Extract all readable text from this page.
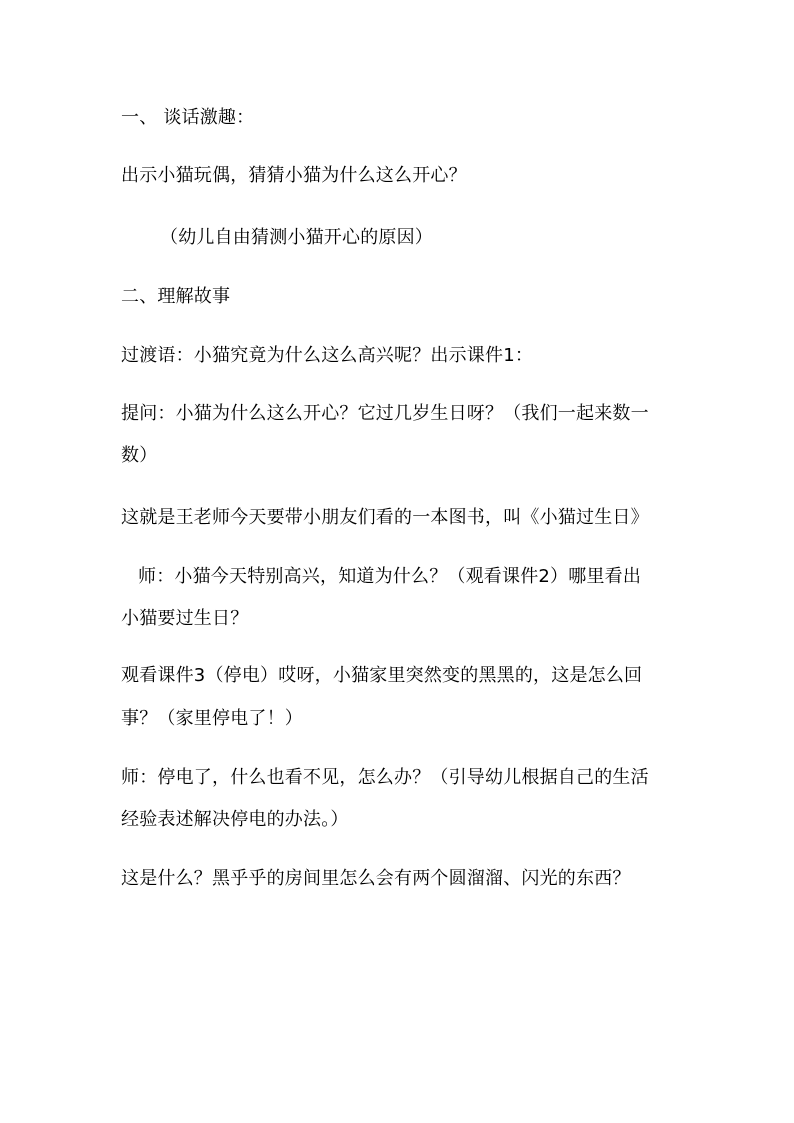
一、 谈话激趣：
出示小猫玩偶，猜猜小猫为什么这么开心？
（幼儿自由猜测小猫开心的原因）
二、理解故事
过渡语：小猫究竟为什么这么高兴呢？出示课件1：
提问：小猫为什么这么开心？它过几岁生日呀？（我们一起来数一
数）
这就是王老师今天要带小朋友们看的一本图书，叫《小猫过生日》
师：小猫今天特别高兴，知道为什么？（观看课件2）哪里看出
小猫要过生日？
观看课件3（停电）哎呀，小猫家里突然变的黑黑的，这是怎么回
事？（家里停电了！）
师：停电了，什么也看不见，怎么办？（引导幼儿根据自己的生活
经验表述解决停电的办法。）
这是什么？黑乎乎的房间里怎么会有两个圆溜溜、闪光的东西？
